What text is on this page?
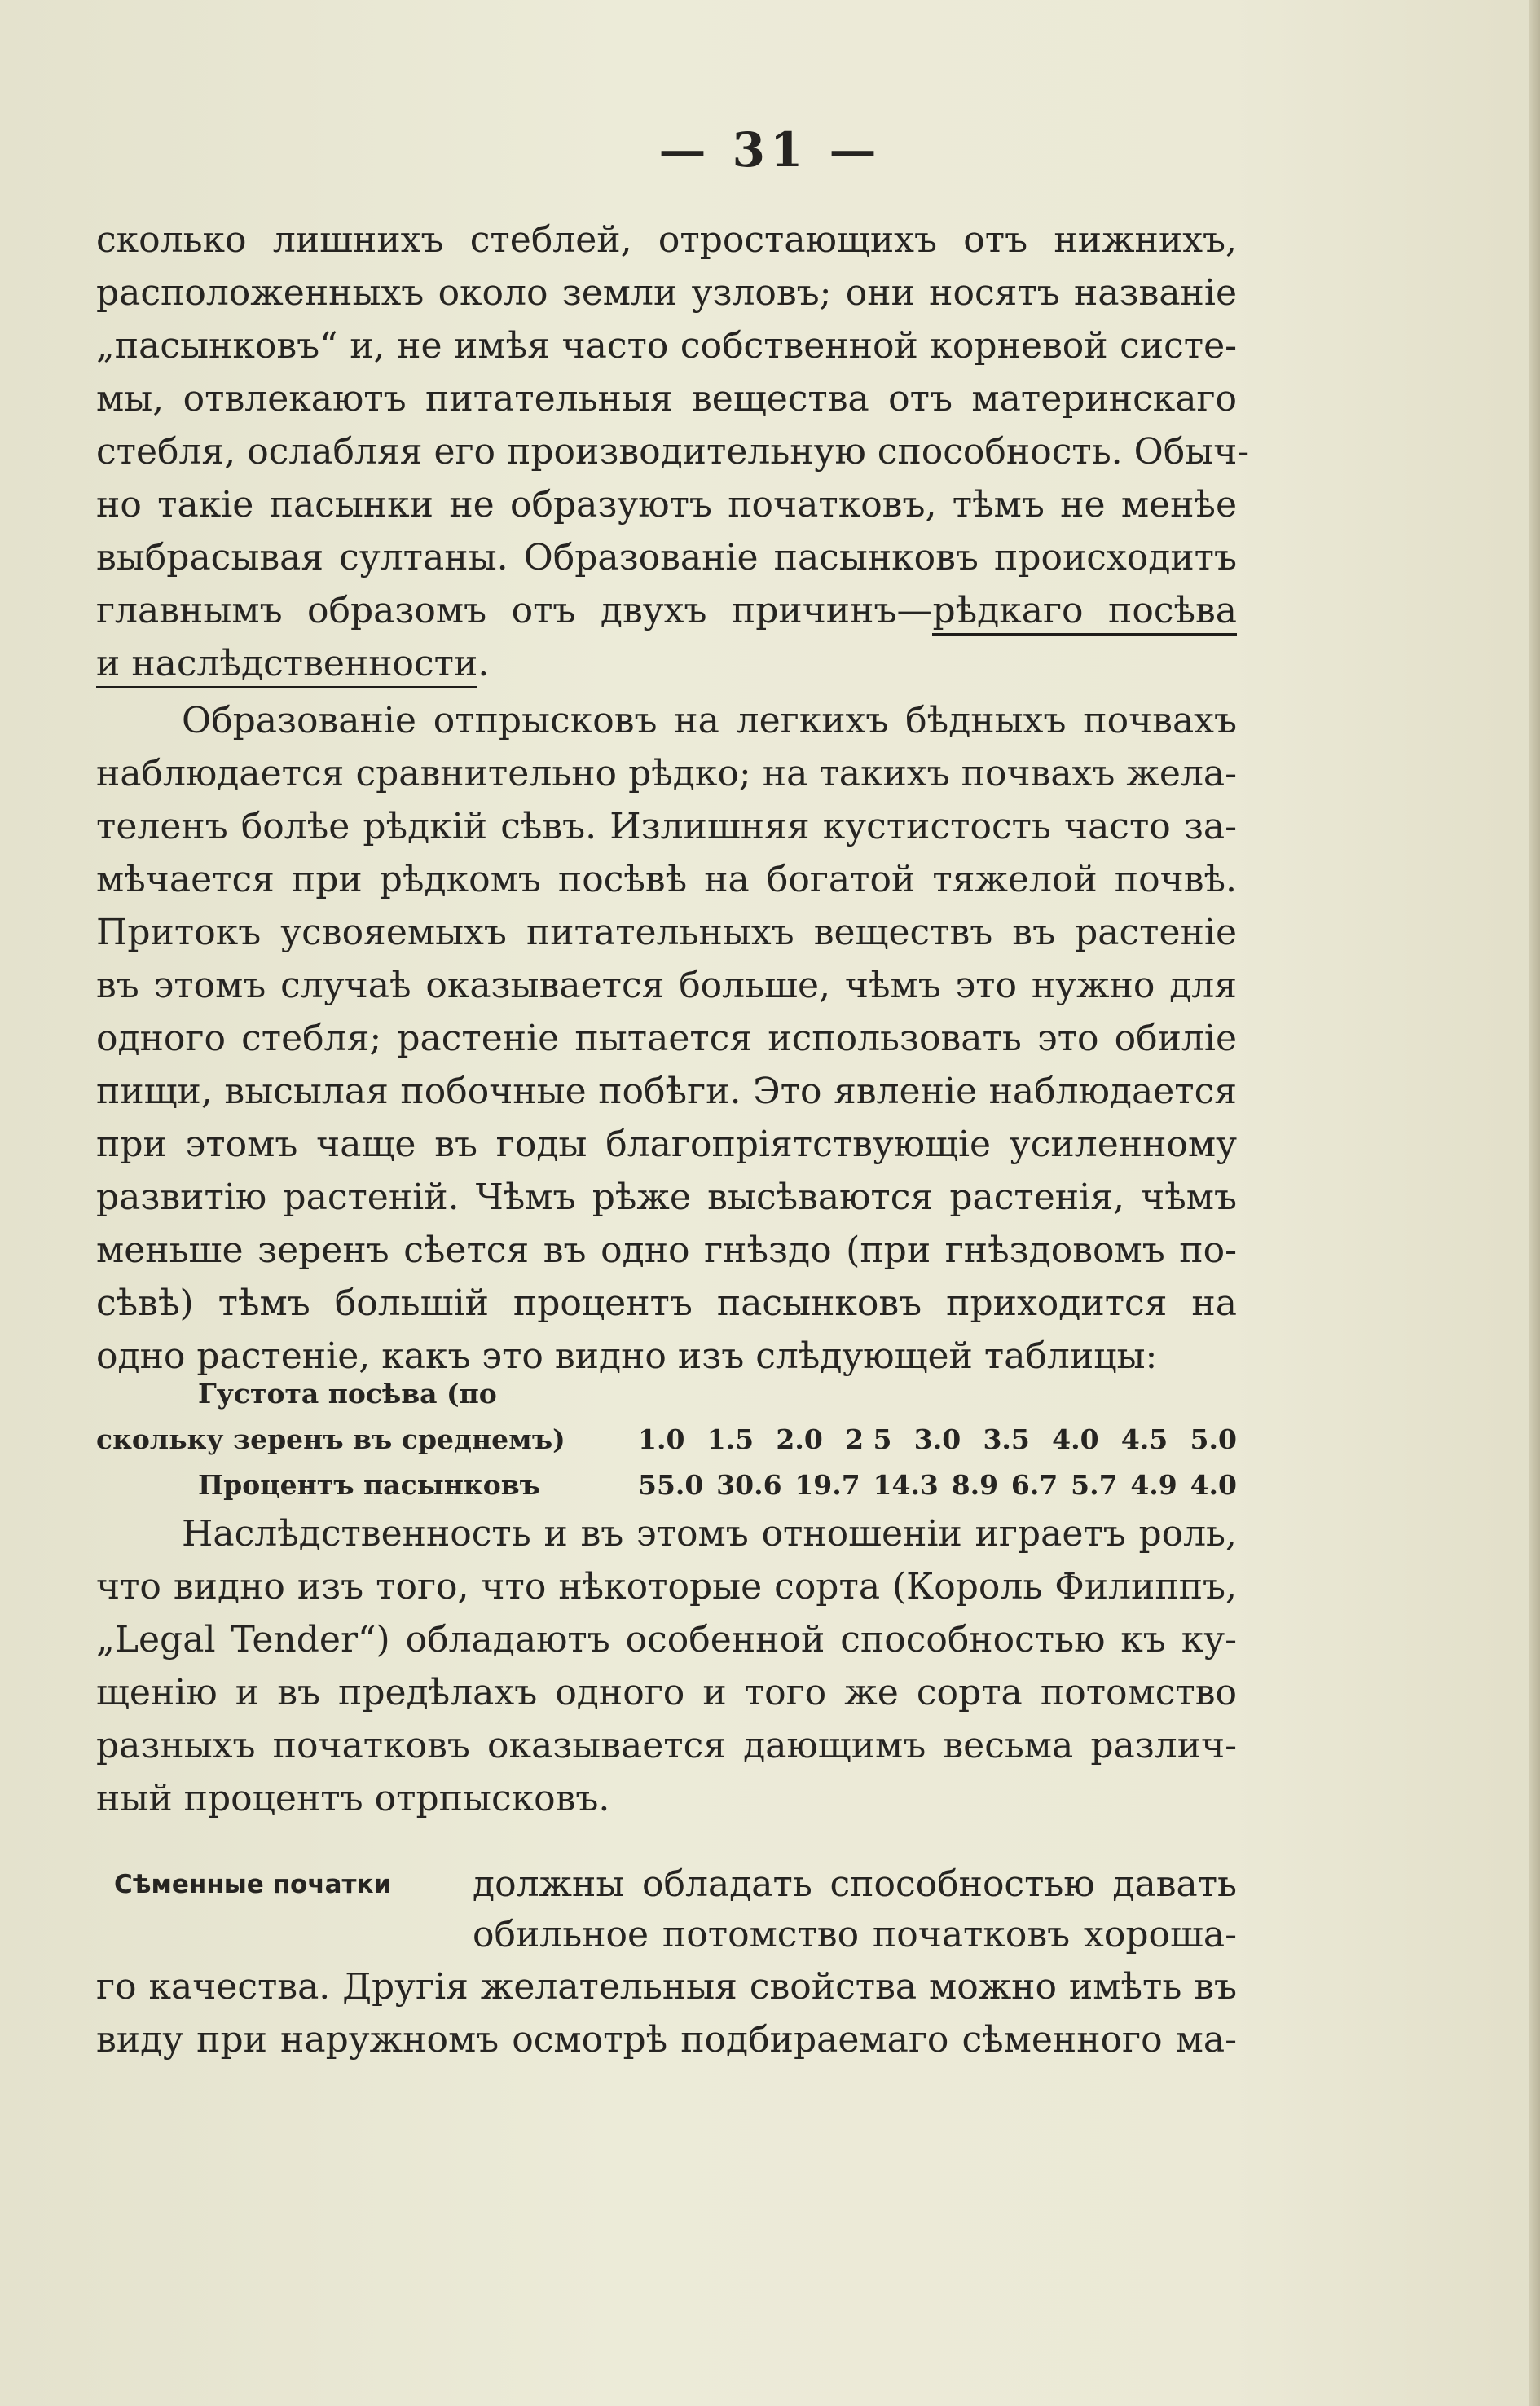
— 31 —
сколько лишнихъ стеблей, отростающихъ отъ нижнихъ,
расположенныхъ около земли узловъ; они носятъ названіе
„пасынковъ“ и, не имѣя часто собственной корневой систе-
мы, отвлекаютъ питательныя вещества отъ материнскаго
стебля, ослабляя его производительную способность. Обыч-
но такіе пасынки не образуютъ початковъ, тѣмъ не менѣе
выбрасывая султаны. Образованіе пасынковъ происходитъ
главнымъ образомъ отъ двухъ причинъ—рѣдкаго посѣва
и наслѣдственности.
Образованіе отпрысковъ на легкихъ бѣдныхъ почвахъ
наблюдается сравнительно рѣдко; на такихъ почвахъ жела-
теленъ болѣе рѣдкій сѣвъ. Излишняя кустистость часто за-
мѣчается при рѣдкомъ посѣвѣ на богатой тяжелой почвѣ.
Притокъ усвояемыхъ питательныхъ веществъ въ растеніе
въ этомъ случаѣ оказывается больше, чѣмъ это нужно для
одного стебля; растеніе пытается использовать это обиліе
пищи, высылая побочные побѣги. Это явленіе наблюдается
при этомъ чаще въ годы благопріятствующіе усиленному
развитію растеній. Чѣмъ рѣже высѣваются растенія, чѣмъ
меньше зеренъ сѣется въ одно гнѣздо (при гнѣздовомъ по-
сѣвѣ) тѣмъ большій процентъ пасынковъ приходится на
одно растеніе, какъ это видно изъ слѣдующей таблицы:
Густота посѣва (по
скольку зеренъ въ среднемъ)	1.0 1.5 2.0 2 5 3.0 3.5 4.0 4.5 5.0
Процентъ пасынковъ	55.0 30.6 19.7 14.3 8.9 6.7 5.7 4.9 4.0
Наслѣдственность и въ этомъ отношеніи играетъ роль,
что видно изъ того, что нѣкоторые сорта (Король Филиппъ,
„Legal Tender“) обладаютъ особенной способностью къ ку-
щенію и въ предѣлахъ одного и того же сорта потомство
разныхъ початковъ оказывается дающимъ весьма различ-
ный процентъ отрпысковъ.
Сѣменные початки должны обладать способностью давать
обильное потомство початковъ хороша-
го качества. Другія желательныя свойства можно имѣть въ
виду при наружномъ осмотрѣ подбираемаго сѣменного ма-
